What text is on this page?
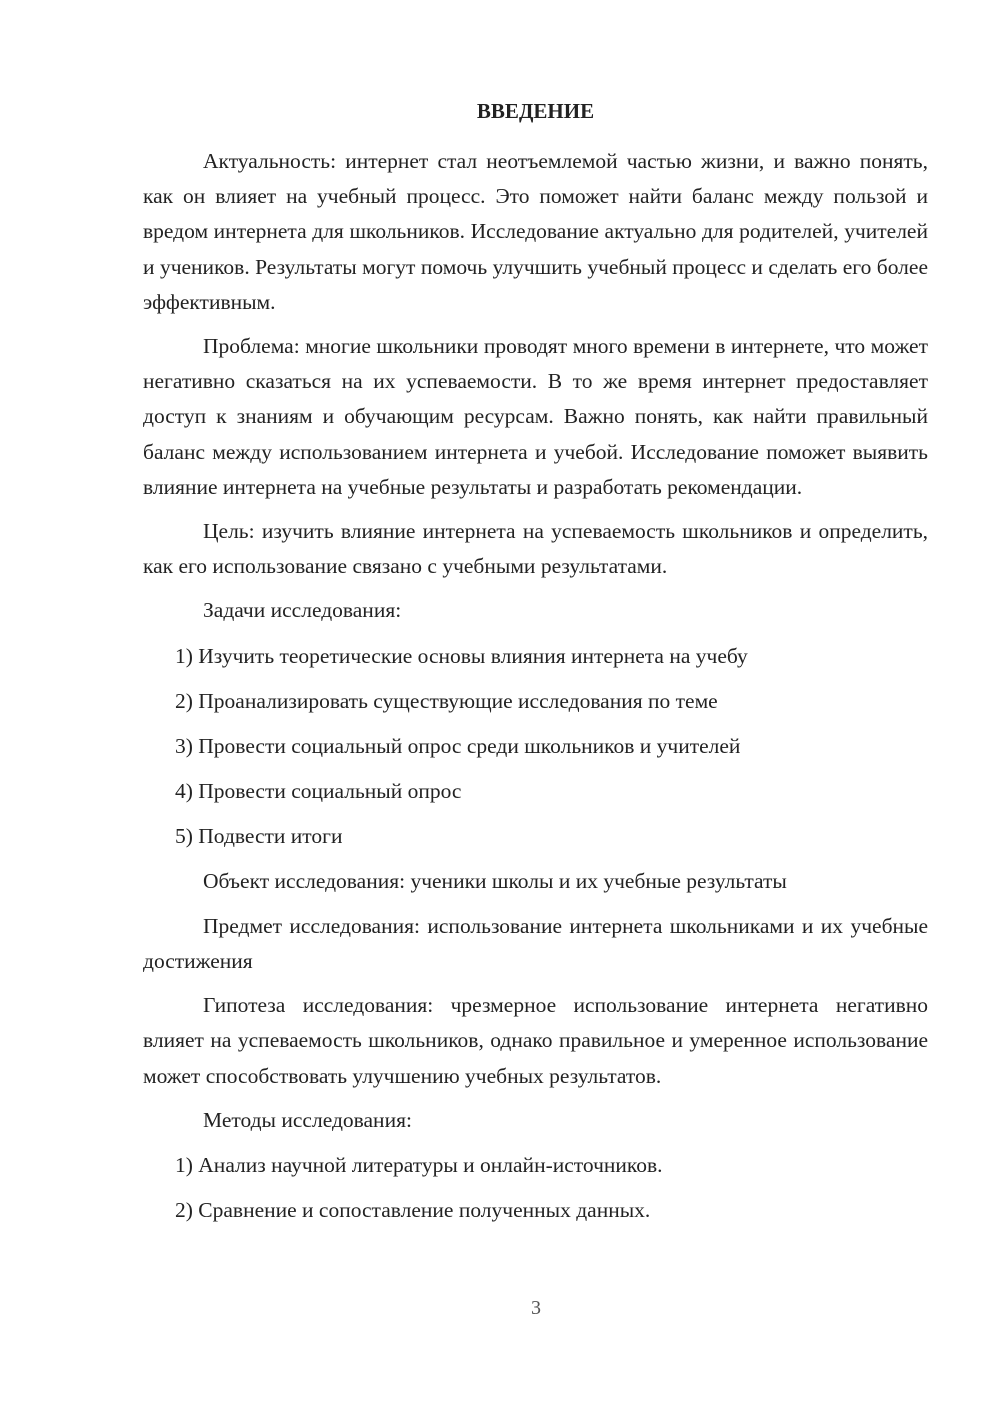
ВВЕДЕНИЕ

Актуальность: интернет стал неотъемлемой частью жизни, и важно понять, как он влияет на учебный процесс. Это поможет найти баланс между пользой и вредом интернета для школьников. Исследование актуально для родителей, учителей и учеников. Результаты могут помочь улучшить учебный процесс и сделать его более эффективным.

Проблема: многие школьники проводят много времени в интернете, что может негативно сказаться на их успеваемости. В то же время интернет предоставляет доступ к знаниям и обучающим ресурсам. Важно понять, как найти правильный баланс между использованием интернета и учебой. Исследование поможет выявить влияние интернета на учебные результаты и разработать рекомендации.

Цель: изучить влияние интернета на успеваемость школьников и определить, как его использование связано с учебными результатами.

Задачи исследования:

1) Изучить теоретические основы влияния интернета на учебу
2) Проанализировать существующие исследования по теме
3) Провести социальный опрос среди школьников и учителей
4) Провести социальный опрос
5) Подвести итоги

Объект исследования: ученики школы и их учебные результаты

Предмет исследования: использование интернета школьниками и их учебные достижения

Гипотеза исследования: чрезмерное использование интернета негативно влияет на успеваемость школьников, однако правильное и умеренное использование может способствовать улучшению учебных результатов.

Методы исследования:

1) Анализ научной литературы и онлайн-источников.
2) Сравнение и сопоставление полученных данных.
3
